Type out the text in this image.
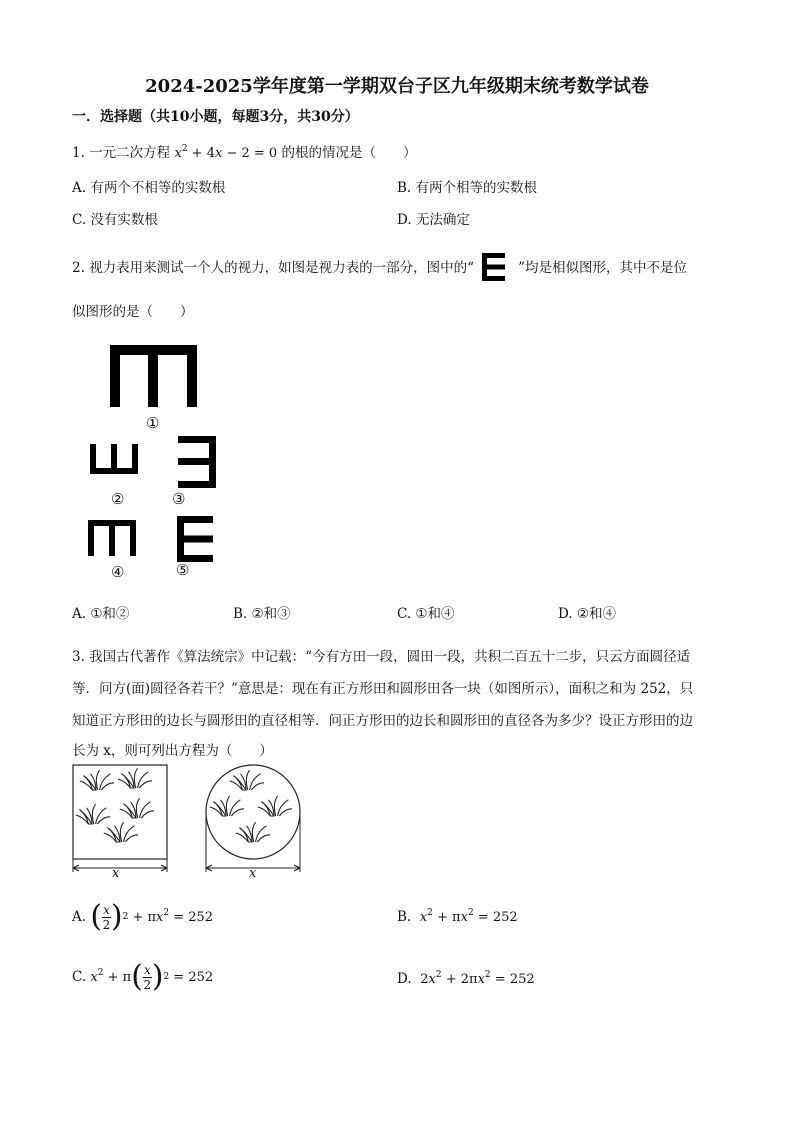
2024-2025学年度第一学期双台子区九年级期末统考数学试卷
一．选择题（共10小题，每题3分，共30分）
1. 一元二次方程 $x^2 + 4x - 2 = 0$ 的根的情况是（　　）
A. 有两个不相等的实数根	B. 有两个相等的实数根
C. 没有实数根	D. 无法确定
2. 视力表用来测试一个人的视力，如图是视力表的一部分，图中的“	”均是相似图形，其中不是位
似图形的是（　　）
①
②	③
④	⑤
A. ①和②	B. ②和③	C. ①和④	D. ②和④
3. 我国古代著作《算法统宗》中记载：“今有方田一段，圆田一段，共积二百五十二步，只云方面圆径适
等．问方(面)圆径各若干？”意思是：现在有正方形田和圆形田各一块（如图所示），面积之和为 252，只
知道正方形田的边长与圆形田的直径相等．问正方形田的边长和圆形田的直径各为多少？设正方形田的边
长为 x，则可列出方程为（　　）
x	x
A.
( $\frac{x}{2}$ ) $2 + \pi x^2 = 252$	B. $x^2 + \pi x^2 = 252$
C.
$x^2 + \pi$ ( $\frac{x}{2}$ ) 2 = 252	D. $2x^2 + 2\pi x^2 = 252$
